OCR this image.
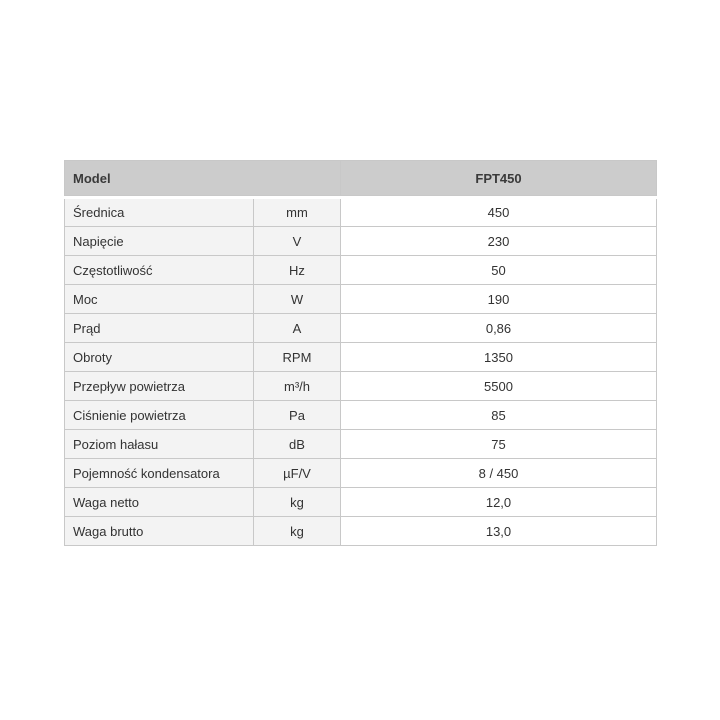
Model		FPT450
Średnica	mm	450
Napięcie	V	230
Częstotliwość	Hz	50
Moc	W	190
Prąd	A	0,86
Obroty	RPM	1350
Przepływ powietrza	m³/h	5500
Ciśnienie powietrza	Pa	85
Poziom hałasu	dB	75
Pojemność kondensatora	µF/V	8 / 450
Waga netto	kg	12,0
Waga brutto	kg	13,0
